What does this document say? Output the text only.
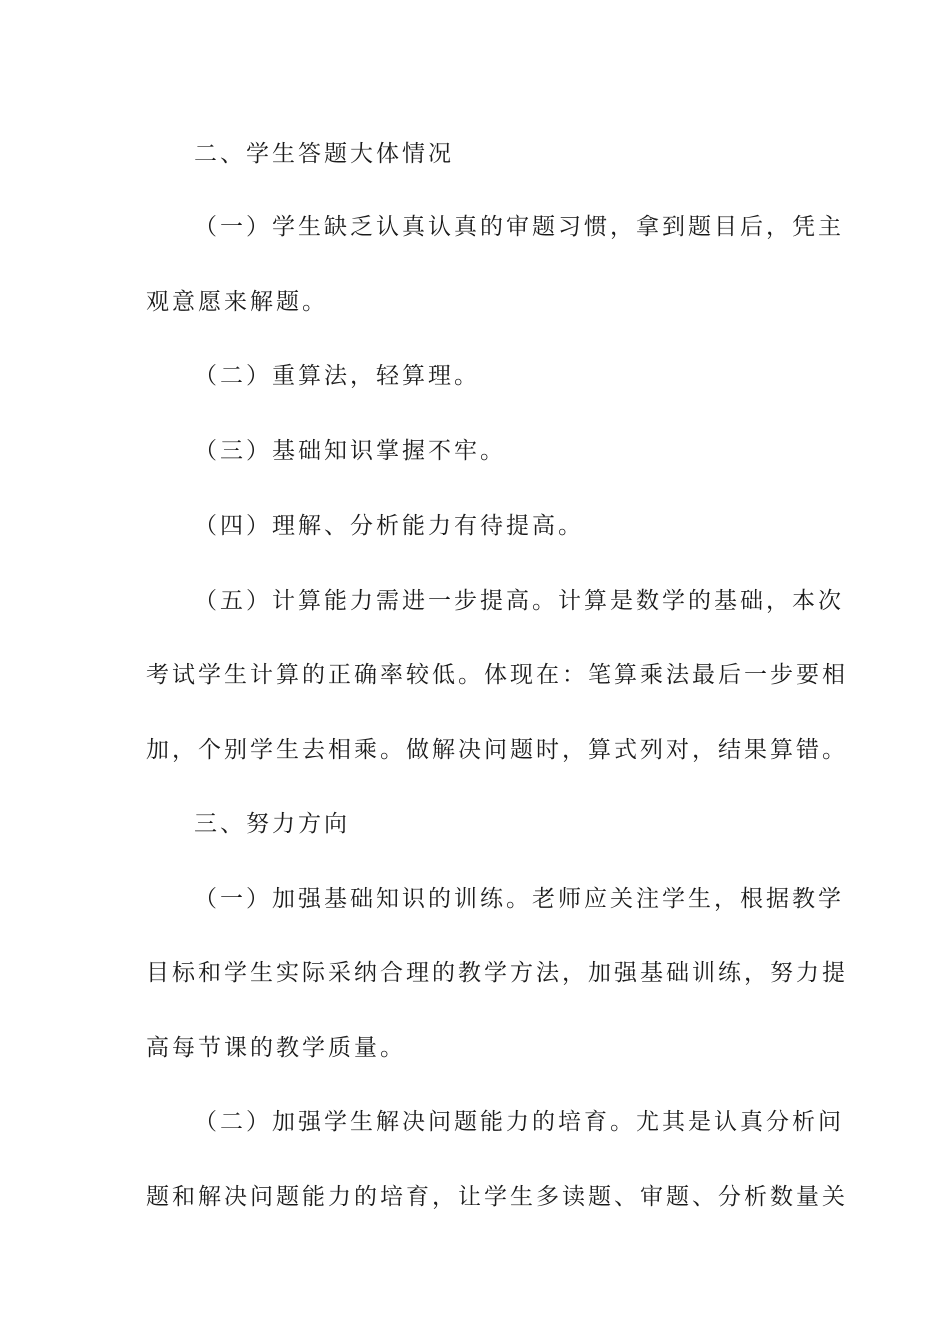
二、学生答题大体情况

（一）学生缺乏认真认真的审题习惯，拿到题目后，凭主

观意愿来解题。

（二）重算法，轻算理。

（三）基础知识掌握不牢。

（四）理解、分析能力有待提高。

（五）计算能力需进一步提高。计算是数学的基础，本次

考试学生计算的正确率较低。体现在：笔算乘法最后一步要相

加，个别学生去相乘。做解决问题时，算式列对，结果算错。

三、努力方向

（一）加强基础知识的训练。老师应关注学生，根据教学

目标和学生实际采纳合理的教学方法，加强基础训练，努力提

高每节课的教学质量。

（二）加强学生解决问题能力的培育。尤其是认真分析问

题和解决问题能力的培育，让学生多读题、审题、分析数量关
